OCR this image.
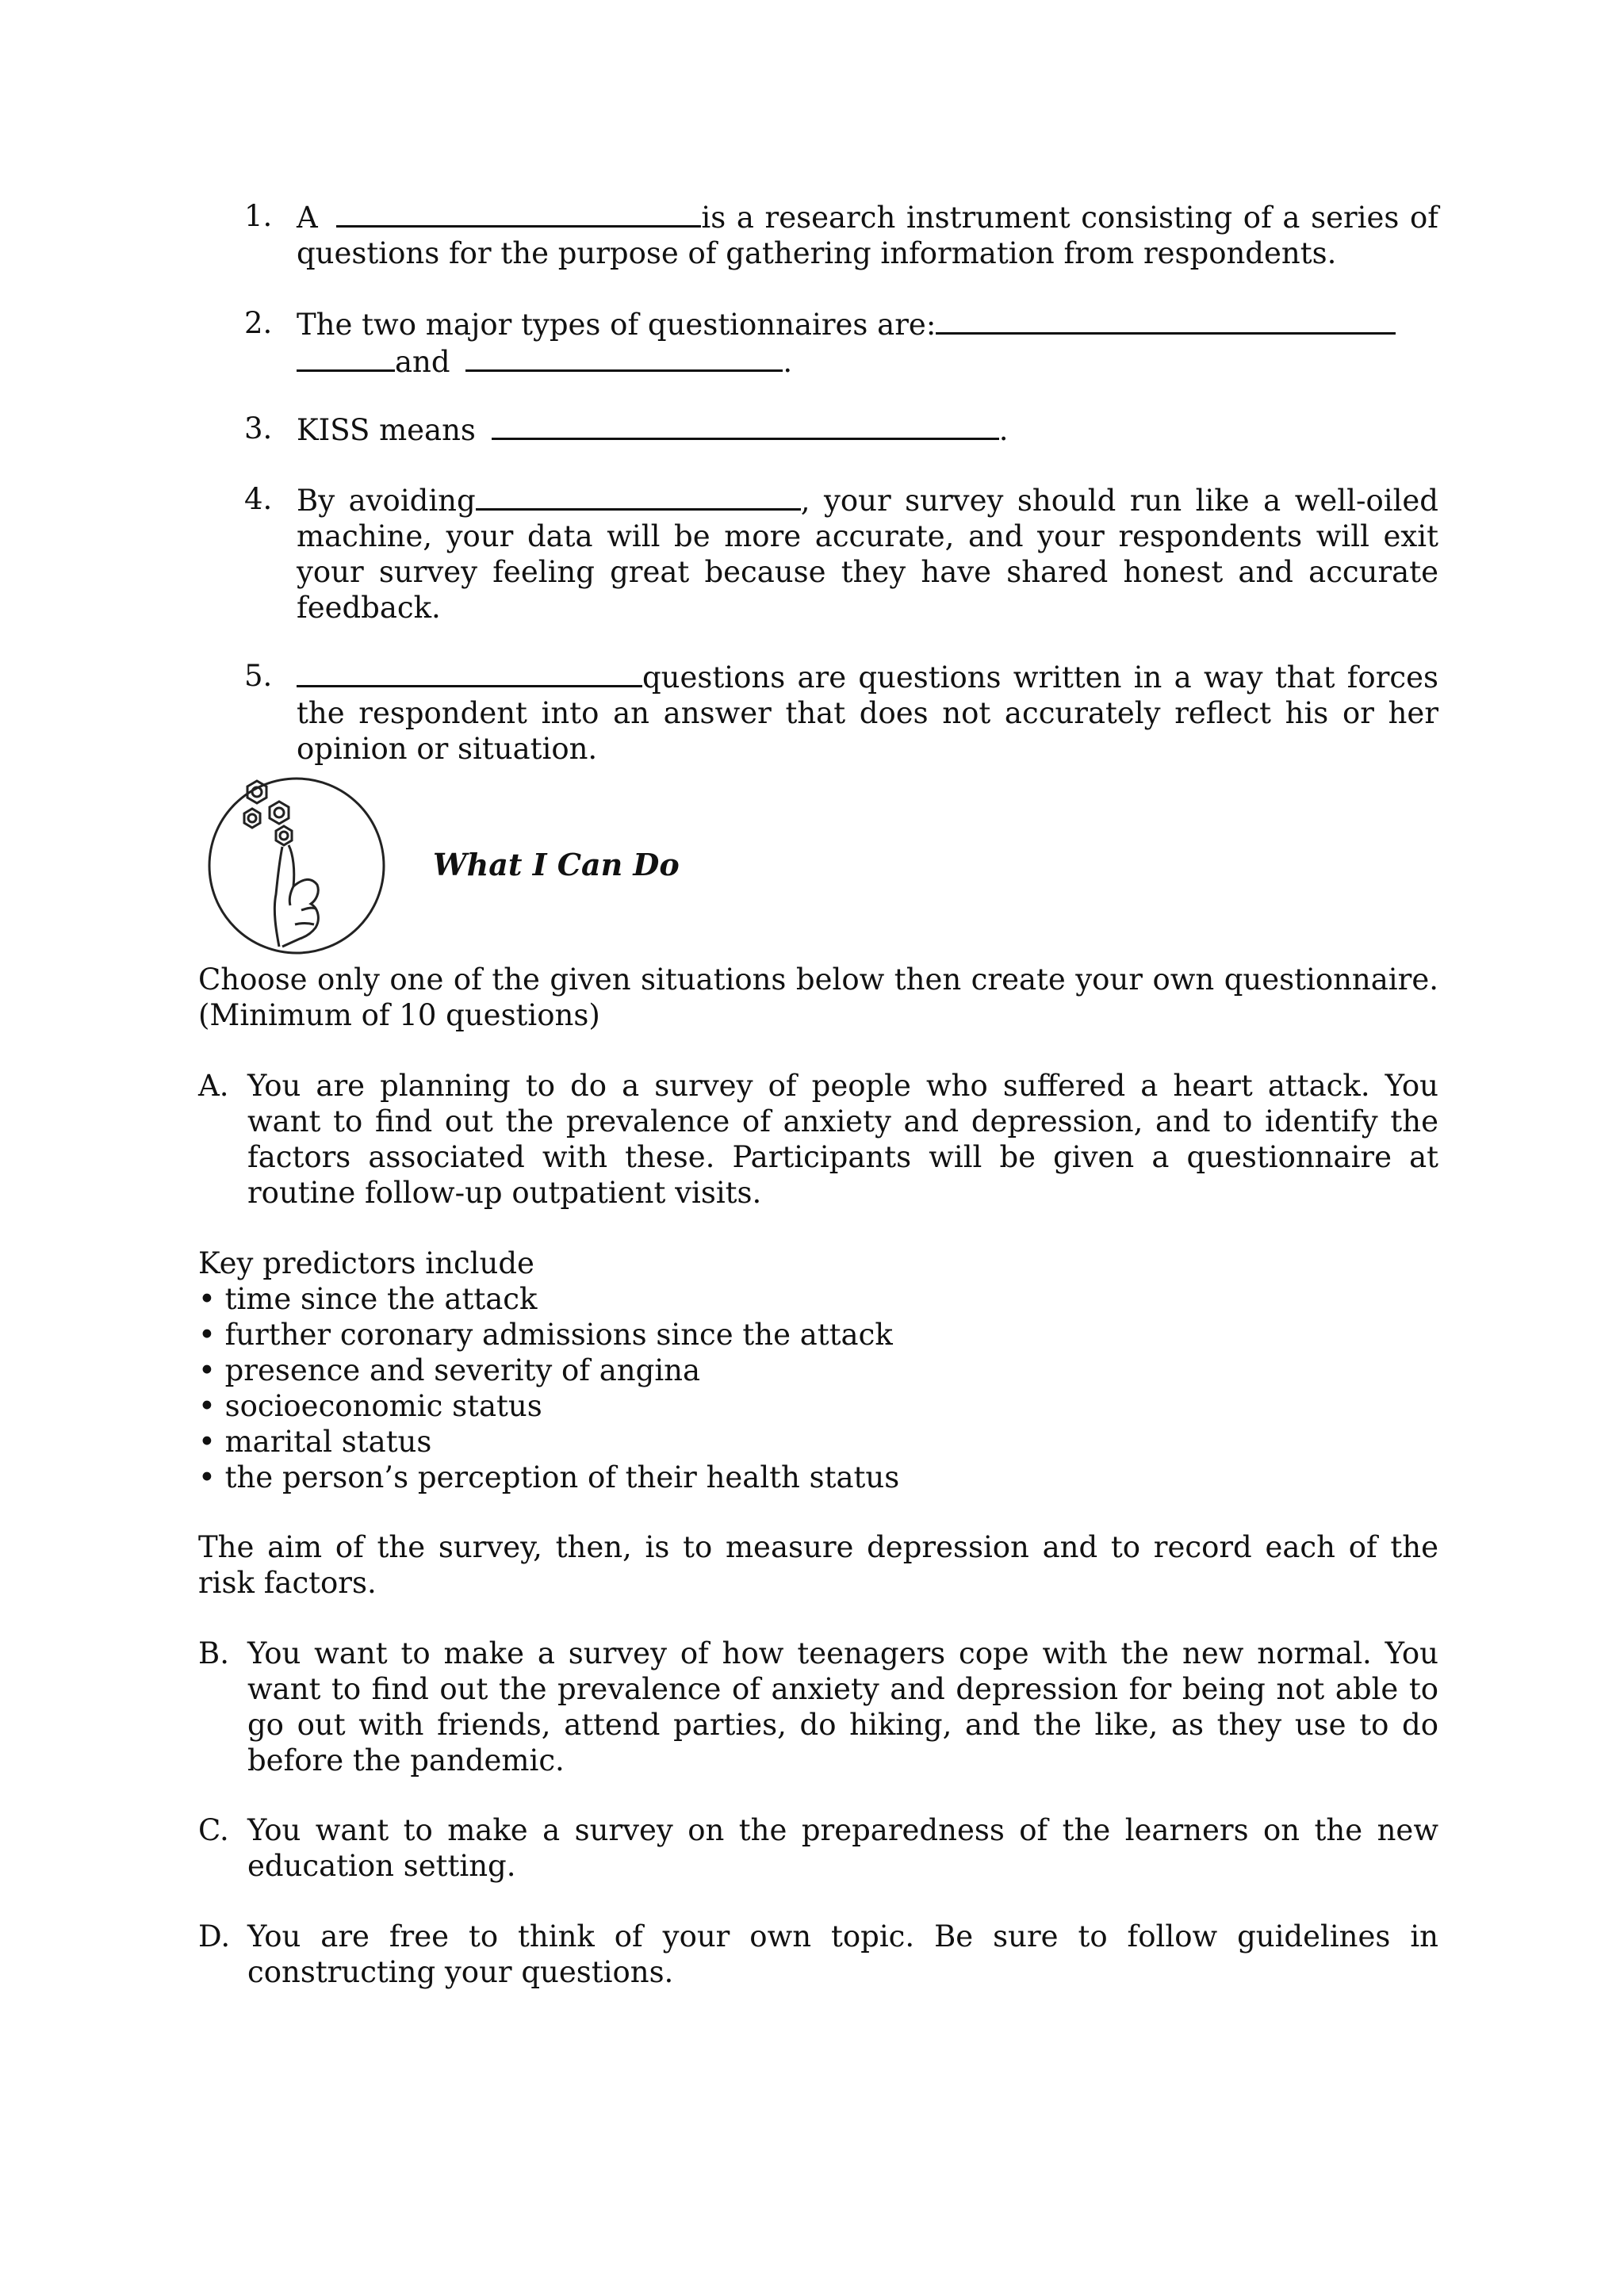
1. A	is a research instrument consisting of a series of questions for the purpose of gathering information from respondents.
2. The two major types of questionnaires are:
and	.
3. KISS means	.
4. By avoiding	, your survey should run like a well-oiled machine, your data will be more accurate, and your respondents will exit your survey feeling great because they have shared honest and accurate feedback.
5.	questions are questions written in a way that forces the respondent into an answer that does not accurately reflect his or her opinion or situation.
What I Can Do
Choose only one of the given situations below then create your own questionnaire. (Minimum of 10 questions)
A. You are planning to do a survey of people who suffered a heart attack. You want to find out the prevalence of anxiety and depression, and to identify the factors associated with these. Participants will be given a questionnaire at routine follow-up outpatient visits.
Key predictors include
• time since the attack
• further coronary admissions since the attack
• presence and severity of angina
• socioeconomic status
• marital status
• the person’s perception of their health status
The aim of the survey, then, is to measure depression and to record each of the risk factors.
B. You want to make a survey of how teenagers cope with the new normal. You want to find out the prevalence of anxiety and depression for being not able to go out with friends, attend parties, do hiking, and the like, as they use to do before the pandemic.
C. You want to make a survey on the preparedness of the learners on the new education setting.
D. You are free to think of your own topic. Be sure to follow guidelines in constructing your questions.
